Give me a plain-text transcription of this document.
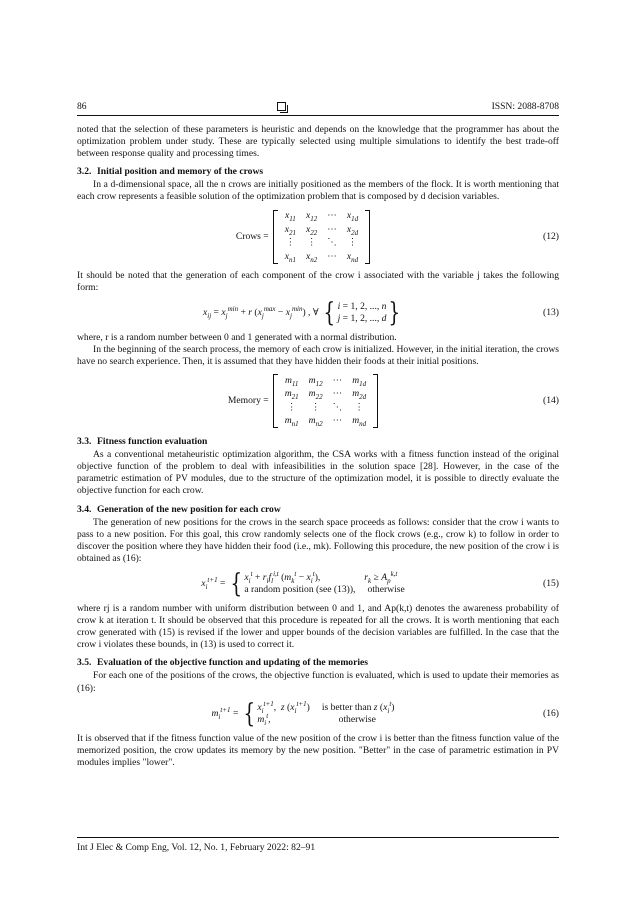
86	ISSN: 2088-8708

noted that the selection of these parameters is heuristic and depends on the knowledge that the programmer has about the optimization problem under study. These are typically selected using multiple simulations to identify the best trade-off between response quality and processing times.

3.2. Initial position and memory of the crows

In a d-dimensional space, all the n crows are initially positioned as the members of the flock. It is worth mentioning that each crow represents a feasible solution of the optimization problem that is composed by d decision variables.

Crows =
$x_{11}$	$x_{12}$	⋯	$x_{1d}$
$x_{21}$	$x_{22}$	⋯	$x_{2d}$
⋮	⋮	⋱	⋮
$x_{n1}$	$x_{n2}$	⋯	$x_{nd}$
(12)

It should be noted that the generation of each component of the crow i associated with the variable j takes the following form:

$x_{ij} = x_j^{min} + r$ ( $x_j^{max} - x_j^{min}$ ) , ∀ { i = 1, 2, ..., n
j = 1, 2, ..., d }	(13)

where, r is a random number between 0 and 1 generated with a normal distribution.

In the beginning of the search process, the memory of each crow is initialized. However, in the initial iteration, the crows have no search experience. Then, it is assumed that they have hidden their foods at their initial positions.

Memory =
$m_{11}$	$m_{12}$	⋯	$m_{1d}$
$m_{21}$	$m_{22}$	⋯	$m_{2d}$
⋮	⋮	⋱	⋮
$m_{n1}$	$m_{n2}$	⋯	$m_{nd}$
(14)

3.3. Fitness function evaluation

As a conventional metaheuristic optimization algorithm, the CSA works with a fitness function instead of the original objective function of the problem to deal with infeasibilities in the solution space [28]. However, in the case of the parametric estimation of PV modules, due to the structure of the optimization model, it is possible to directly evaluate the objective function for each crow.

3.4. Generation of the new position for each crow

The generation of new positions for the crows in the search space proceeds as follows: consider that the crow i wants to pass to a new position. For this goal, this crow randomly selects one of the flock crows (e.g., crow k) to follow in order to discover the position where they have hidden their food (i.e., mk). Following this procedure, the new position of the crow i is obtained as (16):

$x_i^{t+1}$ = { $x_i^t + r_if_l^{i,t}$ $(m_k^t - x_i^t)$,	$r_k \ge A_p^{k,t}$
a random position (see (13)), otherwise
(15)

where rj is a random number with uniform distribution between 0 and 1, and Ap(k,t) denotes the awareness probability of crow k at iteration t. It should be observed that this procedure is repeated for all the crows. It is worth mentioning that each crow generated with (15) is revised if the lower and upper bounds of the decision variables are fulfilled. In the case that the crow i violates these bounds, in (13) is used to correct it.

3.5. Evaluation of the objective function and updating of the memories

For each one of the positions of the crows, the objective function is evaluated, which is used to update their memories as (16):

$m_i^{t+1}$ = { $x_i^{t+1}$,  z $(x_i^{t+1})$ is better than z $(x_i^t)$
$m_i^t$,	otherwise
(16)

It is observed that if the fitness function value of the new position of the crow i is better than the fitness function value of the memorized position, the crow updates its memory by the new position. "Better" in the case of parametric estimation in PV modules implies "lower".

Int J Elec & Comp Eng, Vol. 12, No. 1, February 2022: 82–91
